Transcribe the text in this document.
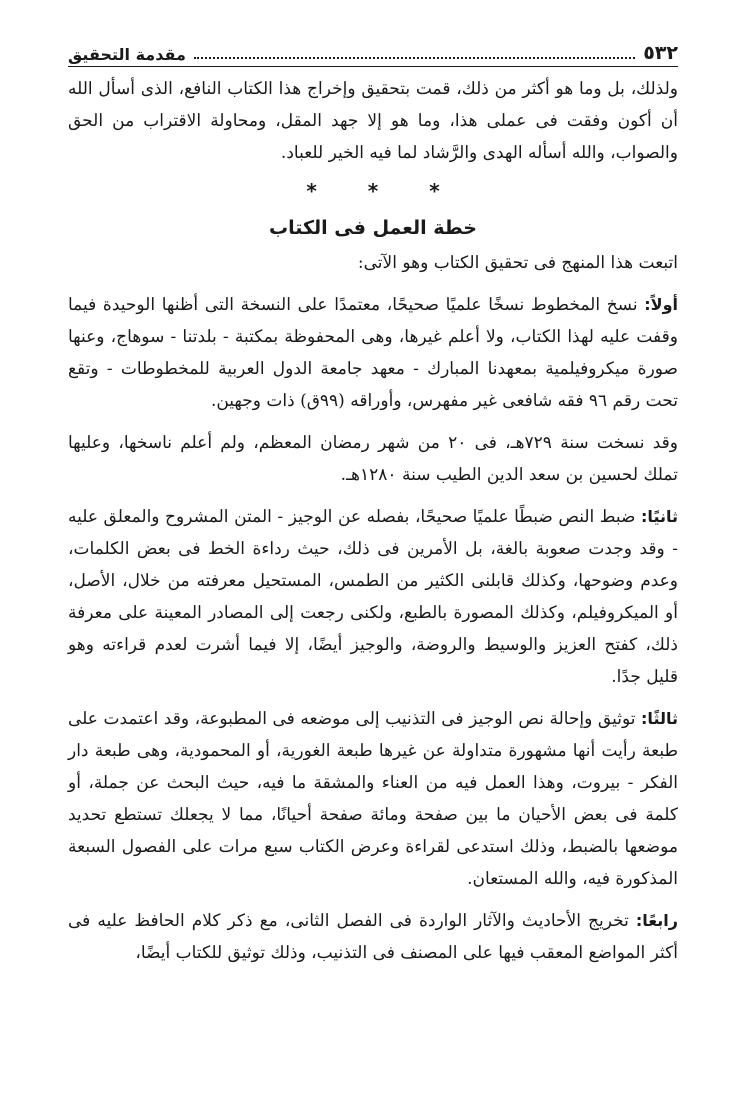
٥٣٢
مقدمة التحقيق

ولذلك، بل وما هو أكثر من ذلك، قمت بتحقيق وإخراج هذا الكتاب النافع، الذى أسأل الله أن أكون وفقت فى عملى هذا، وما هو إلا جهد المقل، ومحاولة الاقتراب من الحق والصواب، والله أسأله الهدى والرَّشاد لما فيه الخير للعباد.

* * *
خطة العمل فى الكتاب

اتبعت هذا المنهج فى تحقيق الكتاب وهو الآتى:

أولاً: نسخ المخطوط نسخًا علميًا صحيحًا، معتمدًا على النسخة التى أظنها الوحيدة فيما وقفت عليه لهذا الكتاب، ولا أعلم غيرها، وهى المحفوظة بمكتبة - بلدتنا - سوهاج، وعنها صورة ميكروفيلمية بمعهدنا المبارك - معهد جامعة الدول العربية للمخطوطات - وتقع تحت رقم ٩٦ فقه شافعى غير مفهرس، وأوراقه (٩٩ق) ذات وجهين.

وقد نسخت سنة ٧٢٩هـ، فى ٢٠ من شهر رمضان المعظم، ولم أعلم ناسخها، وعليها تملك لحسين بن سعد الدين الطيب سنة ١٢٨٠هـ.

ثانيًا: ضبط النص ضبطًا علميًا صحيحًا، بفصله عن الوجيز - المتن المشروح والمعلق عليه - وقد وجدت صعوبة بالغة، بل الأمرين فى ذلك، حيث رداءة الخط فى بعض الكلمات، وعدم وضوحها، وكذلك قابلنى الكثير من الطمس، المستحيل معرفته من خلال، الأصل، أو الميكروفيلم، وكذلك المصورة بالطبع، ولكنى رجعت إلى المصادر المعينة على معرفة ذلك، كفتح العزيز والوسيط والروضة، والوجيز أيضًا، إلا فيما أشرت لعدم قراءته وهو قليل جدًا.

ثالثًا: توثيق وإحالة نص الوجيز فى التذنيب إلى موضعه فى المطبوعة، وقد اعتمدت على طبعة رأيت أنها مشهورة متداولة عن غيرها طبعة الغورية، أو المحمودية، وهى طبعة دار الفكر - بيروت، وهذا العمل فيه من العناء والمشقة ما فيه، حيث البحث عن جملة، أو كلمة فى بعض الأحيان ما بين صفحة ومائة صفحة أحيانًا، مما لا يجعلك تستطع تحديد موضعها بالضبط، وذلك استدعى لقراءة وعرض الكتاب سبع مرات على الفصول السبعة المذكورة فيه، والله المستعان.

رابعًا: تخريج الأحاديث والآثار الواردة فى الفصل الثانى، مع ذكر كلام الحافظ عليه فى أكثر المواضع المعقب فيها على المصنف فى التذنيب، وذلك توثيق للكتاب أيضًا،
